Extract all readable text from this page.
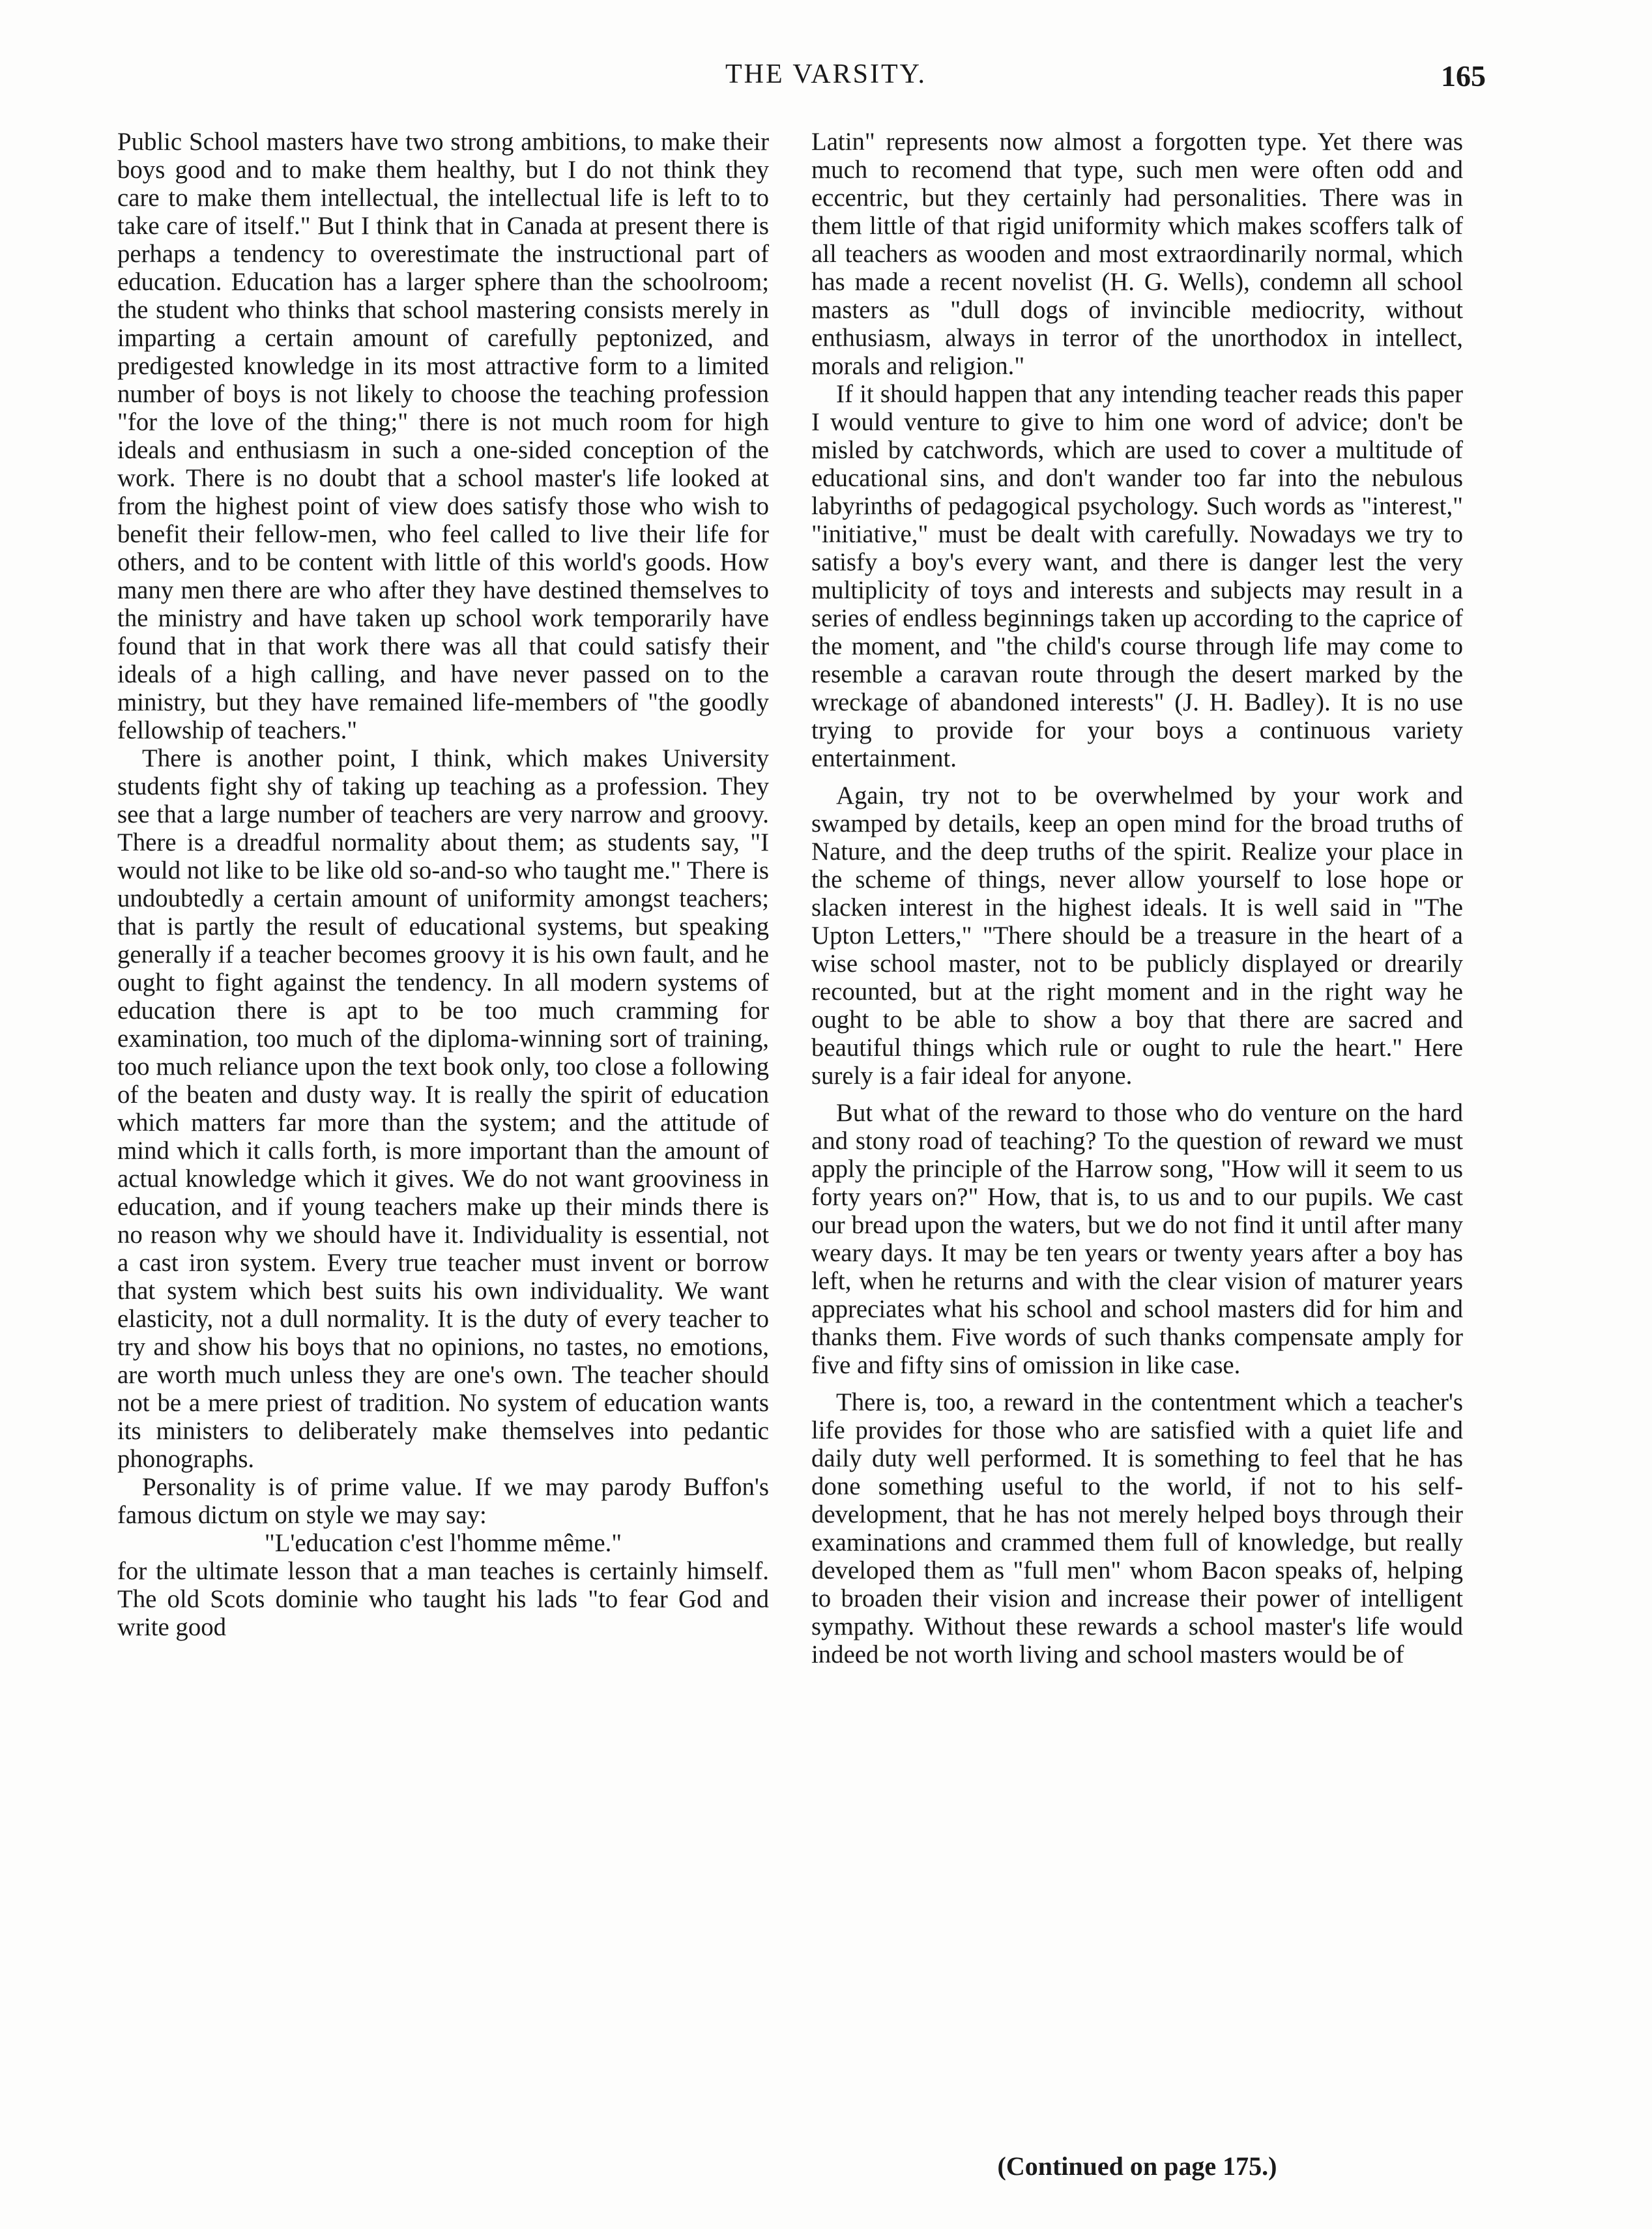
THE VARSITY.	165

Public School masters have two strong ambitions, to make their boys good and to make them healthy, but I do not think they care to make them intellectual, the intellectual life is left to to take care of itself." But I think that in Canada at present there is perhaps a tendency to overestimate the instructional part of education. Education has a larger sphere than the schoolroom; the student who thinks that school mastering consists merely in imparting a certain amount of carefully peptonized, and predigested knowledge in its most attractive form to a limited number of boys is not likely to choose the teaching profession "for the love of the thing;" there is not much room for high ideals and enthusiasm in such a one-sided conception of the work. There is no doubt that a school master's life looked at from the highest point of view does satisfy those who wish to benefit their fellow-men, who feel called to live their life for others, and to be content with little of this world's goods. How many men there are who after they have destined themselves to the ministry and have taken up school work temporarily have found that in that work there was all that could satisfy their ideals of a high calling, and have never passed on to the ministry, but they have remained life-members of "the goodly fellowship of teachers."

There is another point, I think, which makes University students fight shy of taking up teaching as a profession. They see that a large number of teachers are very narrow and groovy. There is a dreadful normality about them; as students say, "I would not like to be like old so-and-so who taught me." There is undoubtedly a certain amount of uniformity amongst teachers; that is partly the result of educational systems, but speaking generally if a teacher becomes groovy it is his own fault, and he ought to fight against the tendency. In all modern systems of education there is apt to be too much cramming for examination, too much of the diploma-winning sort of training, too much reliance upon the text book only, too close a following of the beaten and dusty way. It is really the spirit of education which matters far more than the system; and the attitude of mind which it calls forth, is more important than the amount of actual knowledge which it gives. We do not want grooviness in education, and if young teachers make up their minds there is no reason why we should have it. Individuality is essential, not a cast iron system. Every true teacher must invent or borrow that system which best suits his own individuality. We want elasticity, not a dull normality. It is the duty of every teacher to try and show his boys that no opinions, no tastes, no emotions, are worth much unless they are one's own. The teacher should not be a mere priest of tradition. No system of education wants its ministers to deliberately make themselves into pedantic phonographs.

Personality is of prime value. If we may parody Buffon's famous dictum on style we may say:

"L'education c'est l'homme même."

for the ultimate lesson that a man teaches is certainly himself. The old Scots dominie who taught his lads "to fear God and write good

Latin" represents now almost a forgotten type. Yet there was much to recomend that type, such men were often odd and eccentric, but they certainly had personalities. There was in them little of that rigid uniformity which makes scoffers talk of all teachers as wooden and most extraordinarily normal, which has made a recent novelist (H. G. Wells), condemn all school masters as "dull dogs of invincible mediocrity, without enthusiasm, always in terror of the unorthodox in intellect, morals and religion."

If it should happen that any intending teacher reads this paper I would venture to give to him one word of advice; don't be misled by catchwords, which are used to cover a multitude of educational sins, and don't wander too far into the nebulous labyrinths of pedagogical psychology. Such words as "interest," "initiative," must be dealt with carefully. Nowadays we try to satisfy a boy's every want, and there is danger lest the very multiplicity of toys and interests and subjects may result in a series of endless beginnings taken up according to the caprice of the moment, and "the child's course through life may come to resemble a caravan route through the desert marked by the wreckage of abandoned interests" (J. H. Badley). It is no use trying to provide for your boys a continuous variety entertainment.

Again, try not to be overwhelmed by your work and swamped by details, keep an open mind for the broad truths of Nature, and the deep truths of the spirit. Realize your place in the scheme of things, never allow yourself to lose hope or slacken interest in the highest ideals. It is well said in "The Upton Letters," "There should be a treasure in the heart of a wise school master, not to be publicly displayed or drearily recounted, but at the right moment and in the right way he ought to be able to show a boy that there are sacred and beautiful things which rule or ought to rule the heart." Here surely is a fair ideal for anyone.

But what of the reward to those who do venture on the hard and stony road of teaching? To the question of reward we must apply the principle of the Harrow song, "How will it seem to us forty years on?" How, that is, to us and to our pupils. We cast our bread upon the waters, but we do not find it until after many weary days. It may be ten years or twenty years after a boy has left, when he returns and with the clear vision of maturer years appreciates what his school and school masters did for him and thanks them. Five words of such thanks compensate amply for five and fifty sins of omission in like case.

There is, too, a reward in the contentment which a teacher's life provides for those who are satisfied with a quiet life and daily duty well performed. It is something to feel that he has done something useful to the world, if not to his self-development, that he has not merely helped boys through their examinations and crammed them full of knowledge, but really developed them as "full men" whom Bacon speaks of, helping to broaden their vision and increase their power of intelligent sympathy. Without these rewards a school master's life would indeed be not worth living and school masters would be of

(Continued on page 175.)
